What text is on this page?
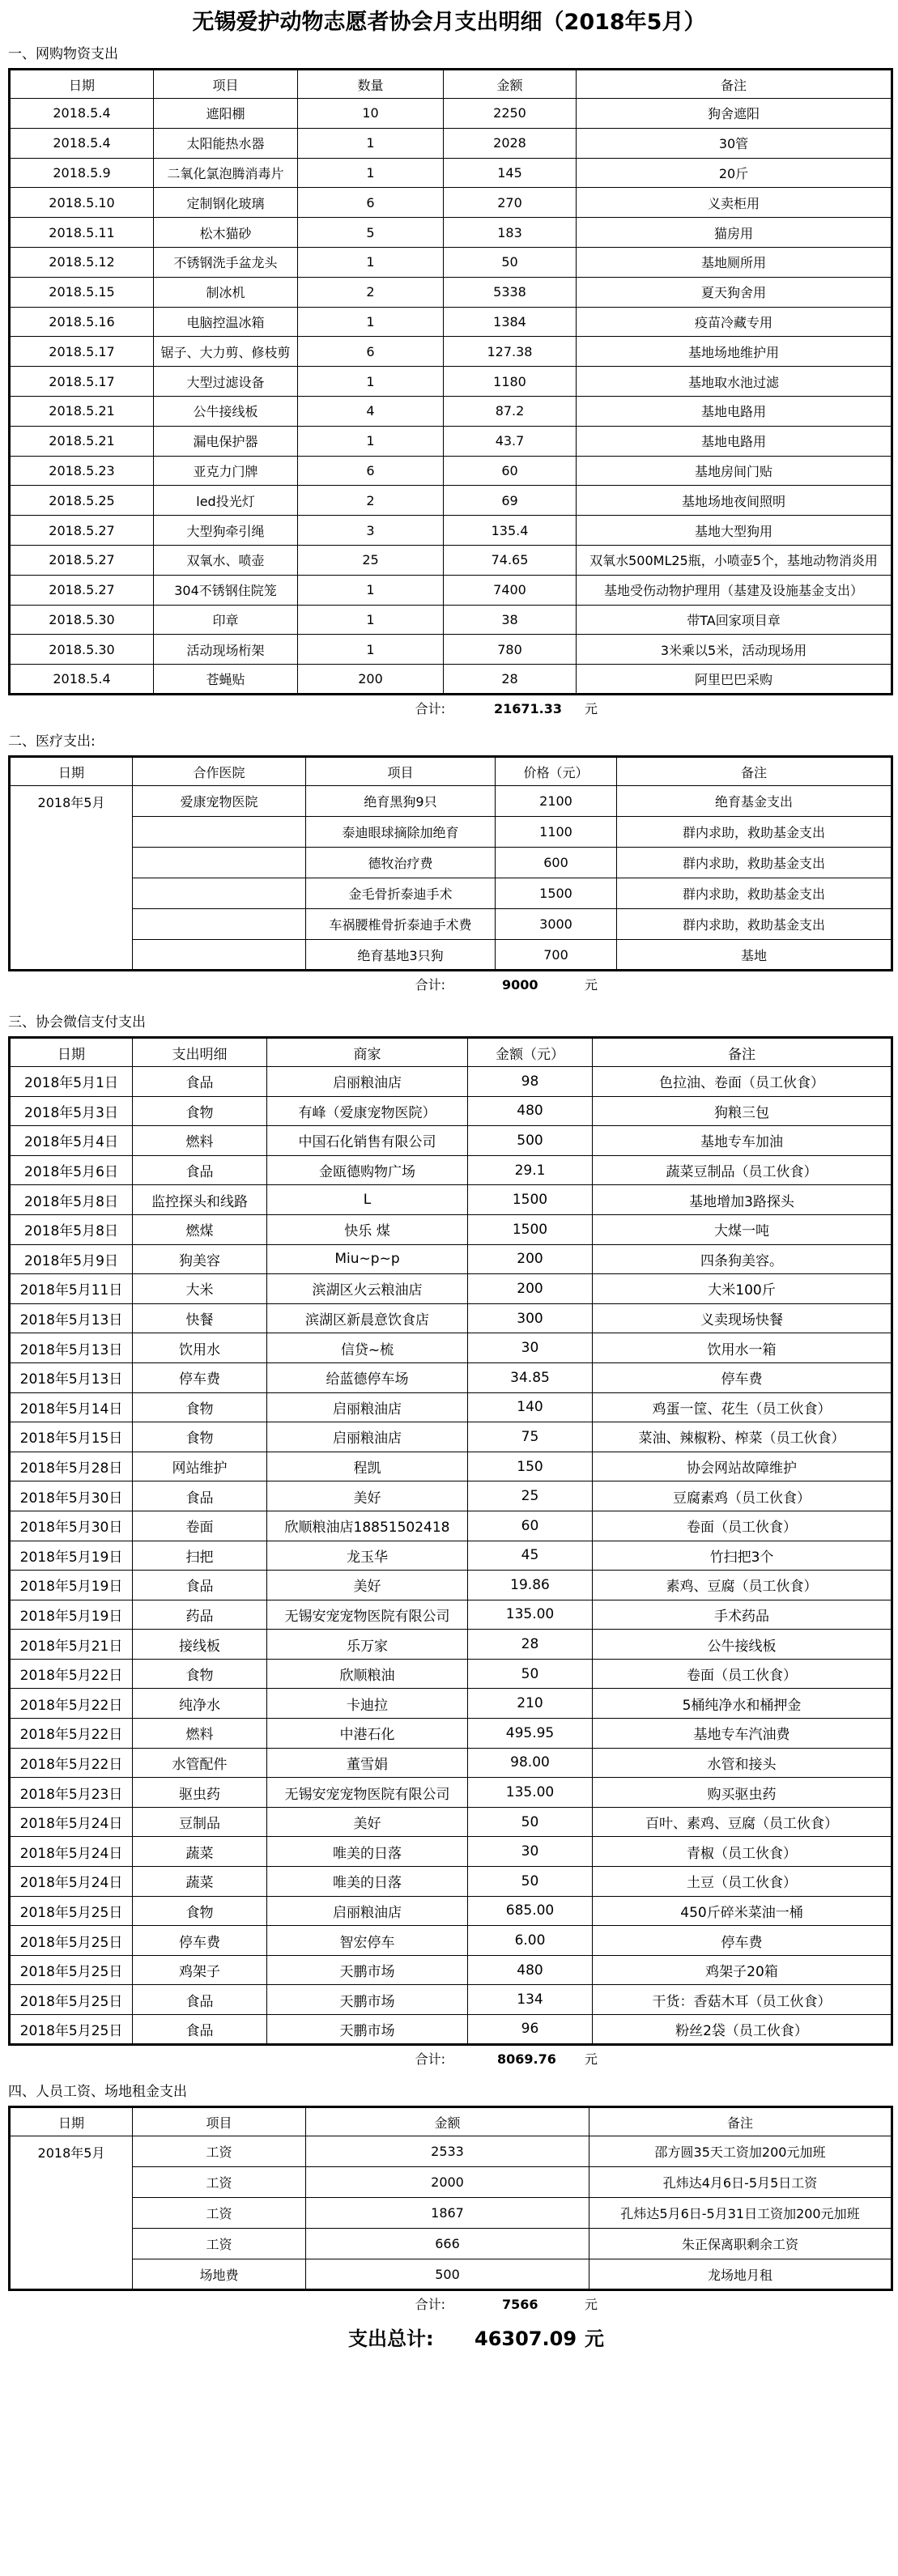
无锡爱护动物志愿者协会月支出明细（2018年5月）
一、网购物资支出
日期	项目	数量	金额	备注
2018.5.4	遮阳棚	10	2250	狗舍遮阳
2018.5.4	太阳能热水器	1	2028	30管
2018.5.9	二氧化氯泡腾消毒片	1	145	20斤
2018.5.10	定制钢化玻璃	6	270	义卖柜用
2018.5.11	松木猫砂	5	183	猫房用
2018.5.12	不锈钢洗手盆龙头	1	50	基地厕所用
2018.5.15	制冰机	2	5338	夏天狗舍用
2018.5.16	电脑控温冰箱	1	1384	疫苗冷藏专用
2018.5.17	锯子、大力剪、修枝剪	6	127.38	基地场地维护用
2018.5.17	大型过滤设备	1	1180	基地取水池过滤
2018.5.21	公牛接线板	4	87.2	基地电路用
2018.5.21	漏电保护器	1	43.7	基地电路用
2018.5.23	亚克力门牌	6	60	基地房间门贴
2018.5.25	led投光灯	2	69	基地场地夜间照明
2018.5.27	大型狗牵引绳	3	135.4	基地大型狗用
2018.5.27	双氧水、喷壶	25	74.65	双氧水500ML25瓶，小喷壶5个，基地动物消炎用
2018.5.27	304不锈钢住院笼	1	7400	基地受伤动物护理用（基建及设施基金支出）
2018.5.30	印章	1	38	带TA回家项目章
2018.5.30	活动现场桁架	1	780	3米乘以5米，活动现场用
2018.5.4	苍蝇贴	200	28	阿里巴巴采购
合计:	21671.33 元
二、医疗支出:
日期	合作医院	项目	价格（元）	备注
2018年5月	爱康宠物医院	绝育黑狗9只	2100	绝育基金支出
		泰迪眼球摘除加绝育	1100	群内求助，救助基金支出
		德牧治疗费	600	群内求助，救助基金支出
		金毛骨折泰迪手术	1500	群内求助，救助基金支出
		车祸腰椎骨折泰迪手术费	3000	群内求助，救助基金支出
		绝育基地3只狗	700	基地
合计:	9000	元
三、协会微信支付支出
日期	支出明细	商家	金额（元）	备注
2018年5月1日	食品	启丽粮油店	98	色拉油、卷面（员工伙食）
2018年5月3日	食物	有峰（爱康宠物医院）	480	狗粮三包
2018年5月4日	燃料	中国石化销售有限公司	500	基地专车加油
2018年5月6日	食品	金瓯德购物广场	29.1	蔬菜豆制品（员工伙食）
2018年5月8日	监控探头和线路	L	1500	基地增加3路探头
2018年5月8日	燃煤	快乐 煤	1500	大煤一吨
2018年5月9日	狗美容	Miu~p~p	200	四条狗美容。
2018年5月11日	大米	滨湖区火云粮油店	200	大米100斤
2018年5月13日	快餐	滨湖区新晨意饮食店	300	义卖现场快餐
2018年5月13日	饮用水	信贷~梳	30	饮用水一箱
2018年5月13日	停车费	给蓝德停车场	34.85	停车费
2018年5月14日	食物	启丽粮油店	140	鸡蛋一筐、花生（员工伙食）
2018年5月15日	食物	启丽粮油店	75	菜油、辣椒粉、榨菜（员工伙食）
2018年5月28日	网站维护	程凯	150	协会网站故障维护
2018年5月30日	食品	美好	25	豆腐素鸡（员工伙食）
2018年5月30日	卷面	欣顺粮油店18851502418	60	卷面（员工伙食）
2018年5月19日	扫把	龙玉华	45	竹扫把3个
2018年5月19日	食品	美好	19.86	素鸡、豆腐（员工伙食）
2018年5月19日	药品	无锡安宠宠物医院有限公司	135.00	手术药品
2018年5月21日	接线板	乐万家	28	公牛接线板
2018年5月22日	食物	欣顺粮油	50	卷面（员工伙食）
2018年5月22日	纯净水	卡迪拉	210	5桶纯净水和桶押金
2018年5月22日	燃料	中港石化	495.95	基地专车汽油费
2018年5月22日	水管配件	董雪娟	98.00	水管和接头
2018年5月23日	驱虫药	无锡安宠宠物医院有限公司	135.00	购买驱虫药
2018年5月24日	豆制品	美好	50	百叶、素鸡、豆腐（员工伙食）
2018年5月24日	蔬菜	唯美的日落	30	青椒（员工伙食）
2018年5月24日	蔬菜	唯美的日落	50	土豆（员工伙食）
2018年5月25日	食物	启丽粮油店	685.00	450斤碎米菜油一桶
2018年5月25日	停车费	智宏停车	6.00	停车费
2018年5月25日	鸡架子	天鹏市场	480	鸡架子20箱
2018年5月25日	食品	天鹏市场	134	干货：香菇木耳（员工伙食）
2018年5月25日	食品	天鹏市场	96	粉丝2袋（员工伙食）
合计:	8069.76 元
四、人员工资、场地租金支出
日期	项目	金额	备注
2018年5月	工资	2533	邵方圆35天工资加200元加班
	工资	2000	孔炜达4月6日-5月5日工资
	工资	1867	孔炜达5月6日-5月31日工资加200元加班
	工资	666	朱正保离职剩余工资
	场地费	500	龙场地月租
合计:	7566	元
支出总计: 46307.09 元
